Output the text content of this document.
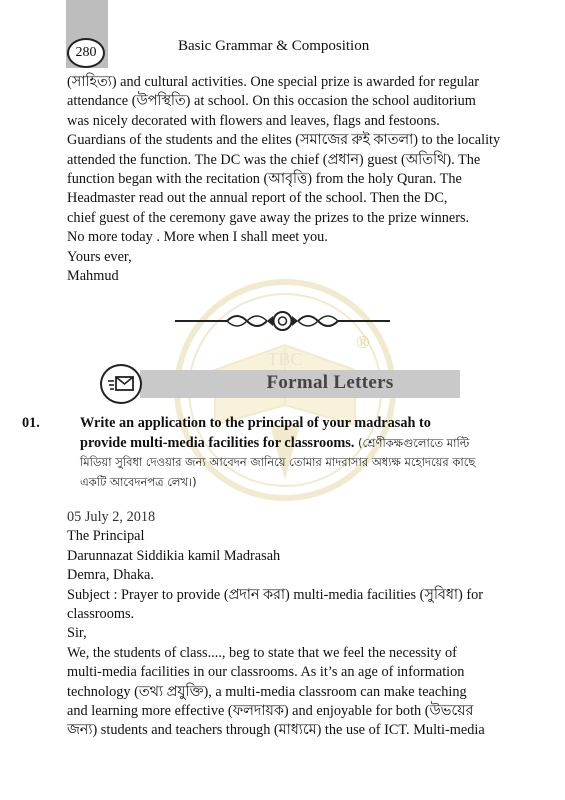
280	Basic Grammar & Composition
TBC
®
(সাহিত্য) and cultural activities. One special prize is awarded for regular
attendance (উপস্থিতি) at school. On this occasion the school auditorium
was nicely decorated with flowers and leaves, flags and festoons.
Guardians of the students and the elites (সমাজের রুই কাতলা) to the locality
attended the function. The DC was the chief (প্রধান) guest (অতিথি). The
function began with the recitation (আবৃত্তি) from the holy Quran. The
Headmaster read out the annual report of the school. Then the DC,
chief guest of the ceremony gave away the prizes to the prize winners.
No more today . More when I shall meet you.
Yours ever,
Mahmud
Formal Letters
01.	Write an application to the principal of your madrasah to
provide multi-media facilities for classrooms. (শ্রেণীকক্ষগুলোতে মাল্টি
মিডিয়া সুবিধা দেওয়ার জন্য আবেদন জানিয়ে তোমার মাদরাসার অধ্যক্ষ মহোদয়ের কাছে
একটি আবেদনপত্র লেখ।)
05 July 2, 2018
The Principal
Darunnazat Siddikia kamil Madrasah
Demra, Dhaka.
Subject : Prayer to provide (প্রদান করা) multi-media facilities (সুবিধা) for
classrooms.
Sir,
We, the students of class...., beg to state that we feel the necessity of
multi-media facilities in our classrooms. As it’s an age of information
technology (তথ্য প্রযুক্তি), a multi-media classroom can make teaching
and learning more effective (ফলদায়ক) and enjoyable for both (উভয়ের
জন্য) students and teachers through (মাধ্যমে) the use of ICT. Multi-media
